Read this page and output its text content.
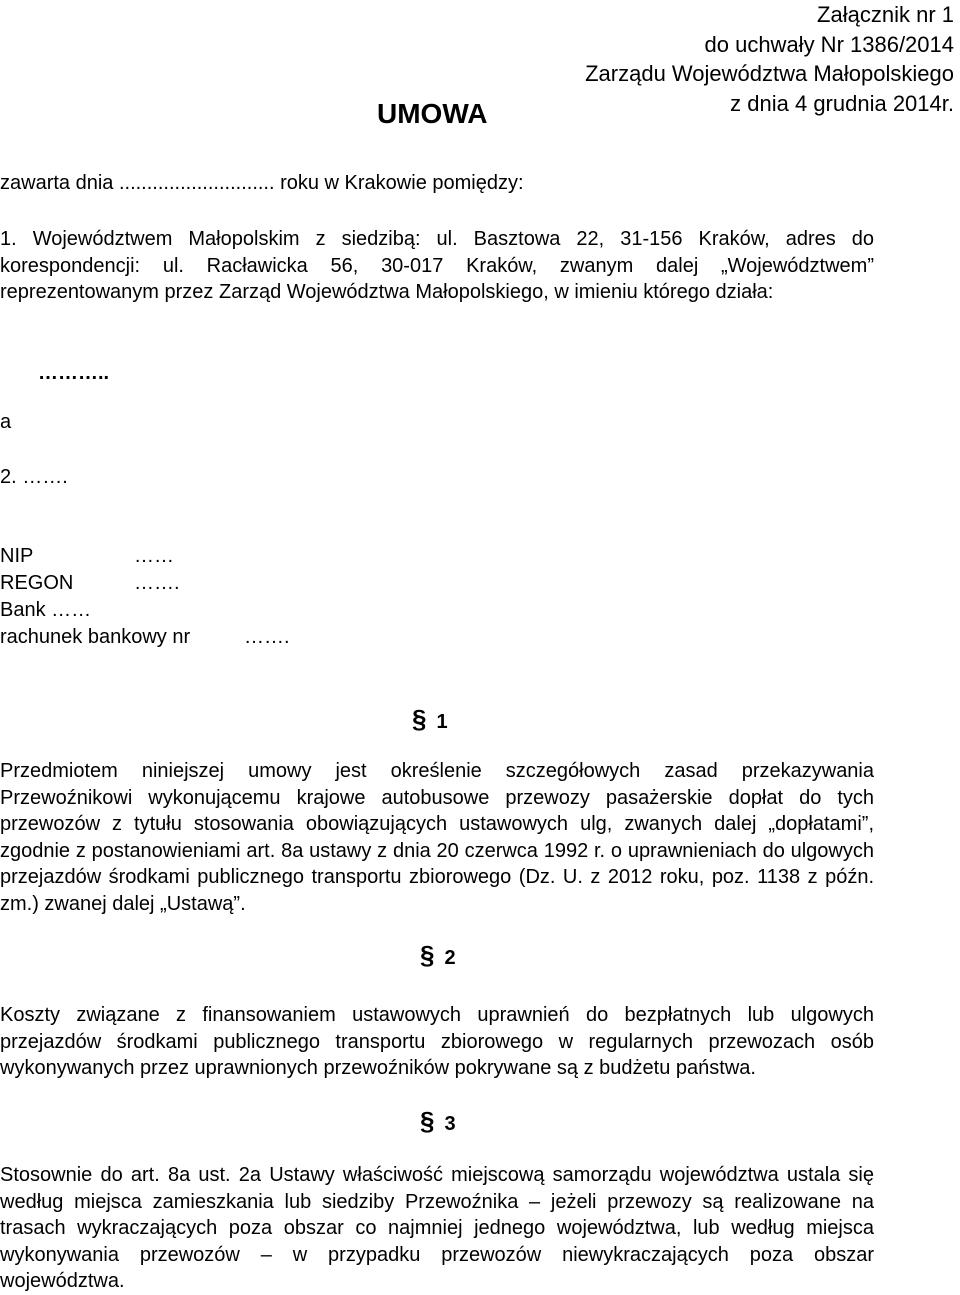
Załącznik nr 1
do uchwały Nr 1386/2014
Zarządu Województwa Małopolskiego
z dnia 4 grudnia 2014r.
UMOWA
zawarta dnia ............................ roku w Krakowie pomiędzy:
1. Województwem Małopolskim z siedzibą: ul. Basztowa 22, 31-156 Kraków, adres do korespondencji: ul. Racławicka 56, 30-017 Kraków, zwanym dalej „Województwem” reprezentowanym przez Zarząd Województwa Małopolskiego, w imieniu którego działa:
………..
a
2. …….
NIP	……
REGON	…….
Bank ……
rachunek bankowy nr	…….
§ 1
Przedmiotem niniejszej umowy jest określenie szczegółowych zasad przekazywania Przewoźnikowi wykonującemu krajowe autobusowe przewozy pasażerskie dopłat do tych przewozów z tytułu stosowania obowiązujących ustawowych ulg, zwanych dalej „dopłatami”, zgodnie z postanowieniami art. 8a ustawy z dnia 20 czerwca 1992 r. o uprawnieniach do ulgowych przejazdów środkami publicznego transportu zbiorowego (Dz. U. z 2012 roku, poz. 1138 z późn. zm.) zwanej dalej „Ustawą”.
§ 2
Koszty związane z finansowaniem ustawowych uprawnień do bezpłatnych lub ulgowych przejazdów środkami publicznego transportu zbiorowego w regularnych przewozach osób wykonywanych przez uprawnionych przewoźników pokrywane są z budżetu państwa.
§ 3
Stosownie do art. 8a ust. 2a Ustawy właściwość miejscową samorządu województwa ustala się według miejsca zamieszkania lub siedziby Przewoźnika – jeżeli przewozy są realizowane na trasach wykraczających poza obszar co najmniej jednego województwa, lub według miejsca wykonywania przewozów – w przypadku przewozów niewykraczających poza obszar województwa.
